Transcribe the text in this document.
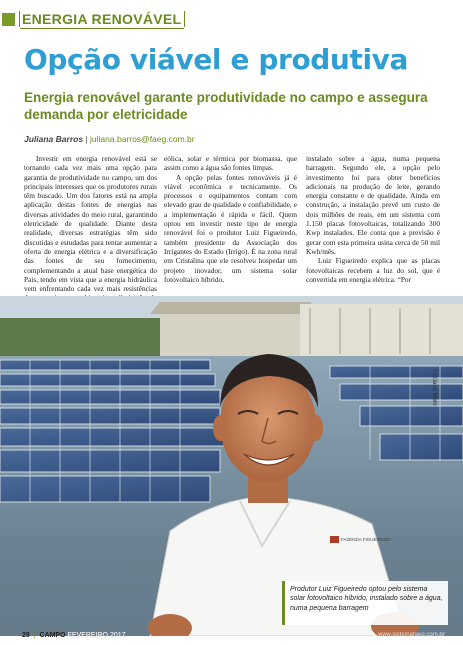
ENERGIA RENOVÁVEL
Opção viável e produtiva
Energia renovável garante produtividade no campo e assegura demanda por eletricidade
Juliana Barros | juliana.barros@faeg.com.br

Investir em energia renovável está se tornando cada vez mais uma opção para garantia de produtividade no campo, um dos principais interesses que os produtores rurais têm buscado. Um dos fatores está na ampla aplicação destas fontes de energias nas diversas atividades do meio rural, garantindo eletricidade de qualidade. Diante desta realidade, diversas estratégias têm sido discutidas e estudadas para tentar aumentar a oferta de energia elétrica e a diversificação das fontes de seu fornecimento, complementando a atual base energética do País, tendo em vista que a energia hidráulica vem enfrentando cada vez mais resistências

eólica, solar e térmica por biomassa, que assim como a água são fontes limpas.

A opção pelas fontes renováveis já é viável econômica e tecnicamente. Os processos e equipamentos contam com elevado grau de qualidade e confiabilidade, e a implementação é rápida e fácil. Quem optou em investir neste tipo de energia renovável foi o produtor Luiz Figueiredo, também presidente da Associação dos Irrigantes do Estado (Irrigo). É na zona rural em Cristalina que ele resolveu hospedar um projeto inovador, um sistema solar fotovoltaico híbrido,

instalado sobre a água, numa pequena barragem. Segundo ele, a opção pelo investimento foi para obter benefícios adicionais na produção de leite, gerando energia constante e de qualidade. Ainda em construção, a instalação prevê um custo de dois milhões de reais, em um sistema com 1.150 placas fotovoltaicas, totalizando 300 Kwp instalados. Ele conta que a previsão é gerar com esta primeira usina cerca de 50 mil Kwh/mês.

Luiz Figueiredo explica que as placas fotovoltaicas recebem a luz do sol, que é convertida em energia elétrica. “Por

FAZENDA FIGUEIREDO
Luciana Melo
Produtor Luiz Figueiredo optou pelo sistema solar fotovoltaico híbrido, instalado sobre a água, numa pequena barragem
28 | CAMPO FEVEREIRO 2017	www.sistemafaeg.com.br
